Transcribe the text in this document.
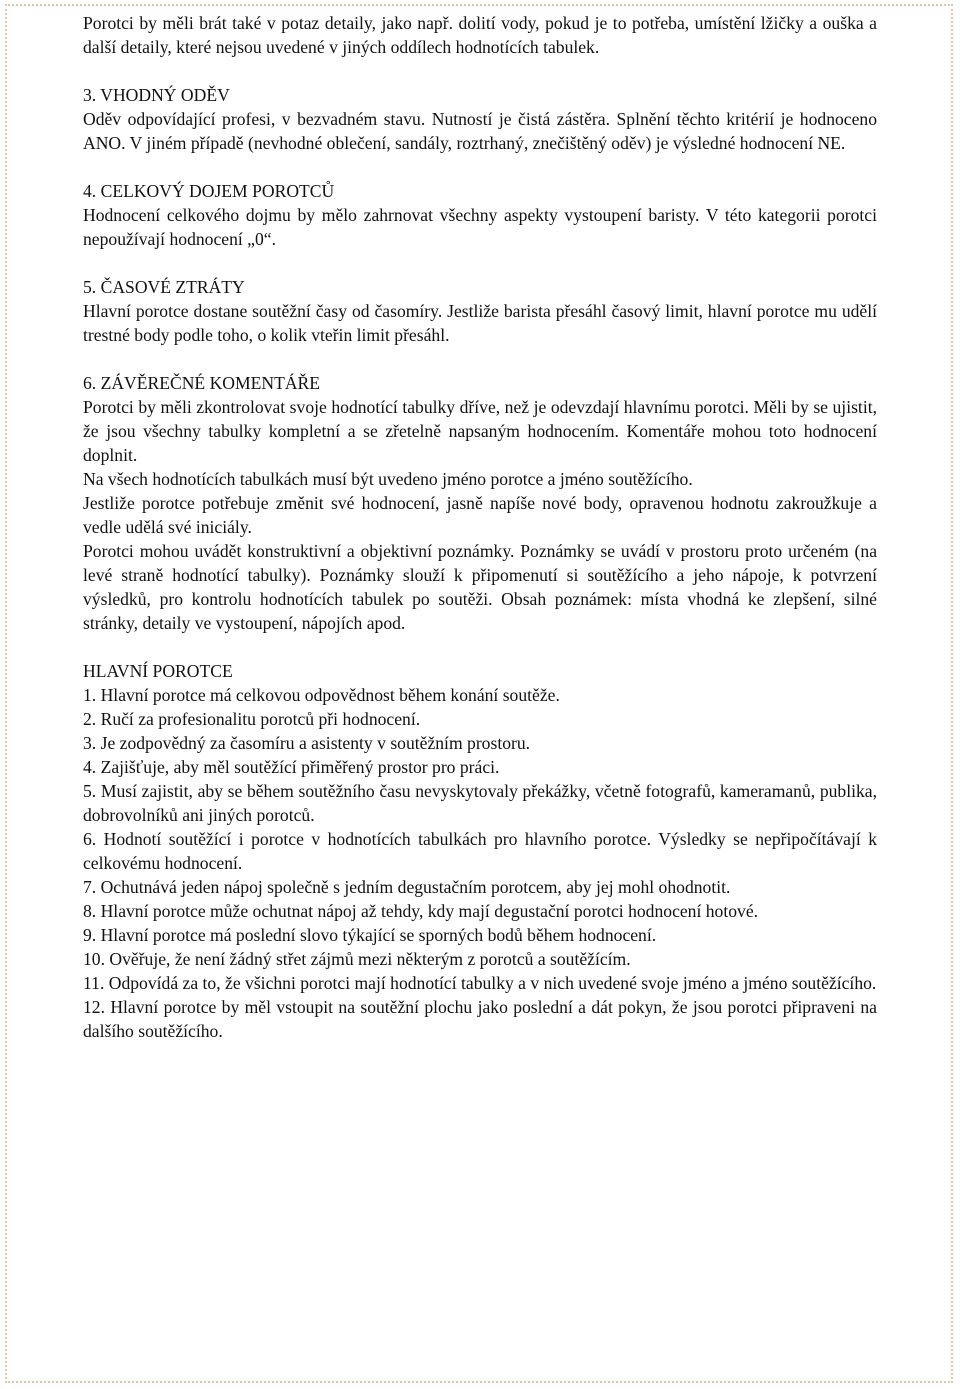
Porotci by měli brát také v potaz detaily, jako např. dolití vody, pokud je to potřeba, umístění lžičky a ouška a další detaily, které nejsou uvedené v jiných oddílech hodnotících tabulek.

3. VHODNÝ ODĚV

Oděv odpovídající profesi, v bezvadném stavu. Nutností je čistá zástěra. Splnění těchto kritérií je hodnoceno ANO. V jiném případě (nevhodné oblečení, sandály, roztrhaný, znečištěný oděv) je výsledné hodnocení NE.

4. CELKOVÝ DOJEM POROTCŮ

Hodnocení celkového dojmu by mělo zahrnovat všechny aspekty vystoupení baristy. V této kategorii porotci nepoužívají hodnocení „0“.

5. ČASOVÉ ZTRÁTY

Hlavní porotce dostane soutěžní časy od časomíry. Jestliže barista přesáhl časový limit, hlavní porotce mu udělí trestné body podle toho, o kolik vteřin limit přesáhl.

6. ZÁVĚREČNÉ KOMENTÁŘE

Porotci by měli zkontrolovat svoje hodnotící tabulky dříve, než je odevzdají hlavnímu porotci. Měli by se ujistit, že jsou všechny tabulky kompletní a se zřetelně napsaným hodnocením. Komentáře mohou toto hodnocení doplnit.

Na všech hodnotících tabulkách musí být uvedeno jméno porotce a jméno soutěžícího.

Jestliže porotce potřebuje změnit své hodnocení, jasně napíše nové body, opravenou hodnotu zakroužkuje a vedle udělá své iniciály.

Porotci mohou uvádět konstruktivní a objektivní poznámky. Poznámky se uvádí v prostoru proto určeném (na levé straně hodnotící tabulky). Poznámky slouží k připomenutí si soutěžícího a jeho nápoje, k potvrzení výsledků, pro kontrolu hodnotících tabulek po soutěži. Obsah poznámek: místa vhodná ke zlepšení, silné stránky, detaily ve vystoupení, nápojích apod.

HLAVNÍ POROTCE
1. Hlavní porotce má celkovou odpovědnost během konání soutěže.
2. Ručí za profesionalitu porotců při hodnocení.
3. Je zodpovědný za časomíru a asistenty v soutěžním prostoru.
4. Zajišťuje, aby měl soutěžící přiměřený prostor pro práci.
5. Musí zajistit, aby se během soutěžního času nevyskytovaly překážky, včetně fotografů, kameramanů, publika, dobrovolníků ani jiných porotců.
6. Hodnotí soutěžící i porotce v hodnotících tabulkách pro hlavního porotce. Výsledky se nepřipočítávají k celkovému hodnocení.
7. Ochutnává jeden nápoj společně s jedním degustačním porotcem, aby jej mohl ohodnotit.
8. Hlavní porotce může ochutnat nápoj až tehdy, kdy mají degustační porotci hodnocení hotové.
9. Hlavní porotce má poslední slovo týkající se sporných bodů během hodnocení.
10. Ověřuje, že není žádný střet zájmů mezi některým z porotců a soutěžícím.
11. Odpovídá za to, že všichni porotci mají hodnotící tabulky a v nich uvedené svoje jméno a jméno soutěžícího.
12. Hlavní porotce by měl vstoupit na soutěžní plochu jako poslední a dát pokyn, že jsou porotci připraveni na dalšího soutěžícího.
